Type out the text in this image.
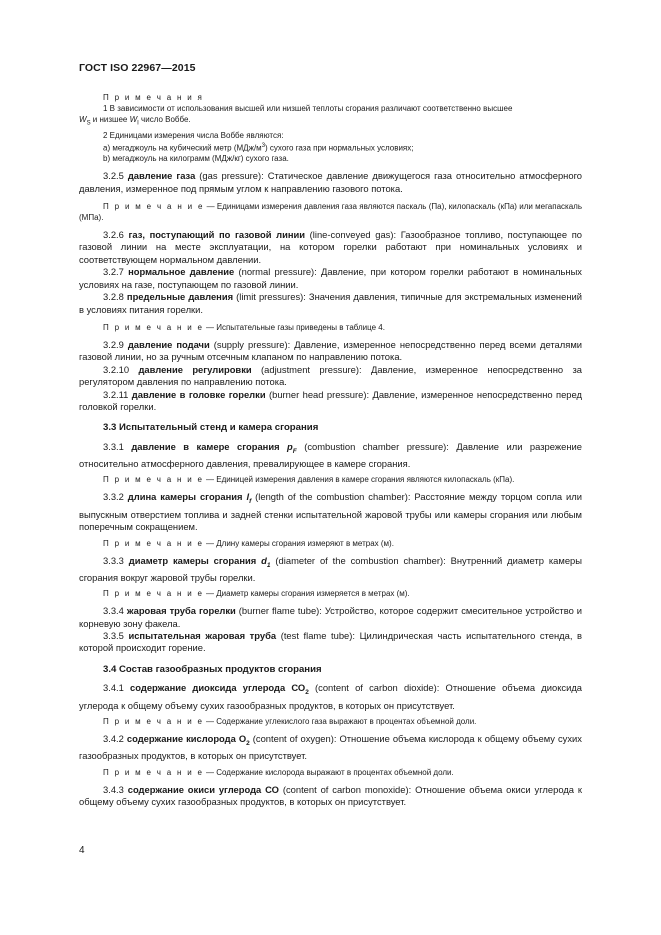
ГОСТ ISO 22967—2015

П р и м е ч а н и я

1 В зависимости от использования высшей или низшей теплоты сгорания различают соответственно высшее
$W_S$ и низшее $W_I$ число Воббе.

2 Единицами измерения числа Воббе являются:

а) мегаджоуль на кубический метр $(МДж/м^3)$ сухого газа при нормальных условиях;

b) мегаджоуль на килограмм (МДж/кг) сухого газа.

3.2.5 давление газа (gas pressure): Статическое давление движущегося газа относительно атмосферного давления, измеренное под прямым углом к направлению газового потока.

П р и м е ч а н и е — Единицами измерения давления газа являются паскаль (Па), килопаскаль (кПа) или мегапаскаль (МПа).

3.2.6 газ, поступающий по газовой линии (line-conveyed gas): Газообразное топливо, поступающее по газовой линии на месте эксплуатации, на котором горелки работают при номинальных условиях и соответствующем нормальном давлении.

3.2.7 нормальное давление (normal pressure): Давление, при котором горелки работают в номинальных условиях на газе, поступающем по газовой линии.

3.2.8 предельные давления (limit pressures): Значения давления, типичные для экстремальных изменений в условиях питания горелки.

П р и м е ч а н и е — Испытательные газы приведены в таблице 4.

3.2.9 давление подачи (supply pressure): Давление, измеренное непосредственно перед всеми деталями газовой линии, но за ручным отсечным клапаном по направлению потока.

3.2.10 давление регулировки (adjustment pressure): Давление, измеренное непосредственно за регулятором давления по направлению потока.

3.2.11 давление в головке горелки (burner head pressure): Давление, измеренное непосредственно перед головкой горелки.

3.3 Испытательный стенд и камера сгорания

3.3.1 давление в камере сгорания $p_F$ (combustion chamber pressure): Давление или разрежение относительно атмосферного давления, превалирующее в камере сгорания.

П р и м е ч а н и е — Единицей измерения давления в камере сгорания являются килопаскаль (кПа).

3.3.2 длина камеры сгорания $l_f$ (length of the combustion chamber): Расстояние между торцом сопла или выпускным отверстием топлива и задней стенки испытательной жаровой трубы или камеры сгорания или любым поперечным сокращением.

П р и м е ч а н и е — Длину камеры сгорания измеряют в метрах (м).

3.3.3 диаметр камеры сгорания $d_1$ (diameter of the combustion chamber): Внутренний диаметр камеры сгорания вокруг жаровой трубы горелки.

П р и м е ч а н и е — Диаметр камеры сгорания измеряется в метрах (м).

3.3.4 жаровая труба горелки (burner flame tube): Устройство, которое содержит смесительное устройство и корневую зону факела.

3.3.5 испытательная жаровая труба (test flame tube): Цилиндрическая часть испытательного стенда, в которой происходит горение.

3.4 Состав газообразных продуктов сгорания

3.4.1 содержание диоксида углерода $СО_2$ (content of carbon dioxide): Отношение объема диоксида углерода к общему объему сухих газообразных продуктов, в которых он присутствует.

П р и м е ч а н и е — Содержание углекислого газа выражают в процентах объемной доли.

3.4.2 содержание кислорода $О_2$ (content of oxygen): Отношение объема кислорода к общему объему сухих газообразных продуктов, в которых он присутствует.

П р и м е ч а н и е — Содержание кислорода выражают в процентах объемной доли.

3.4.3 содержание окиси углерода СО (content of carbon monoxide): Отношение объема окиси углерода к общему объему сухих газообразных продуктов, в которых он присутствует.

4
